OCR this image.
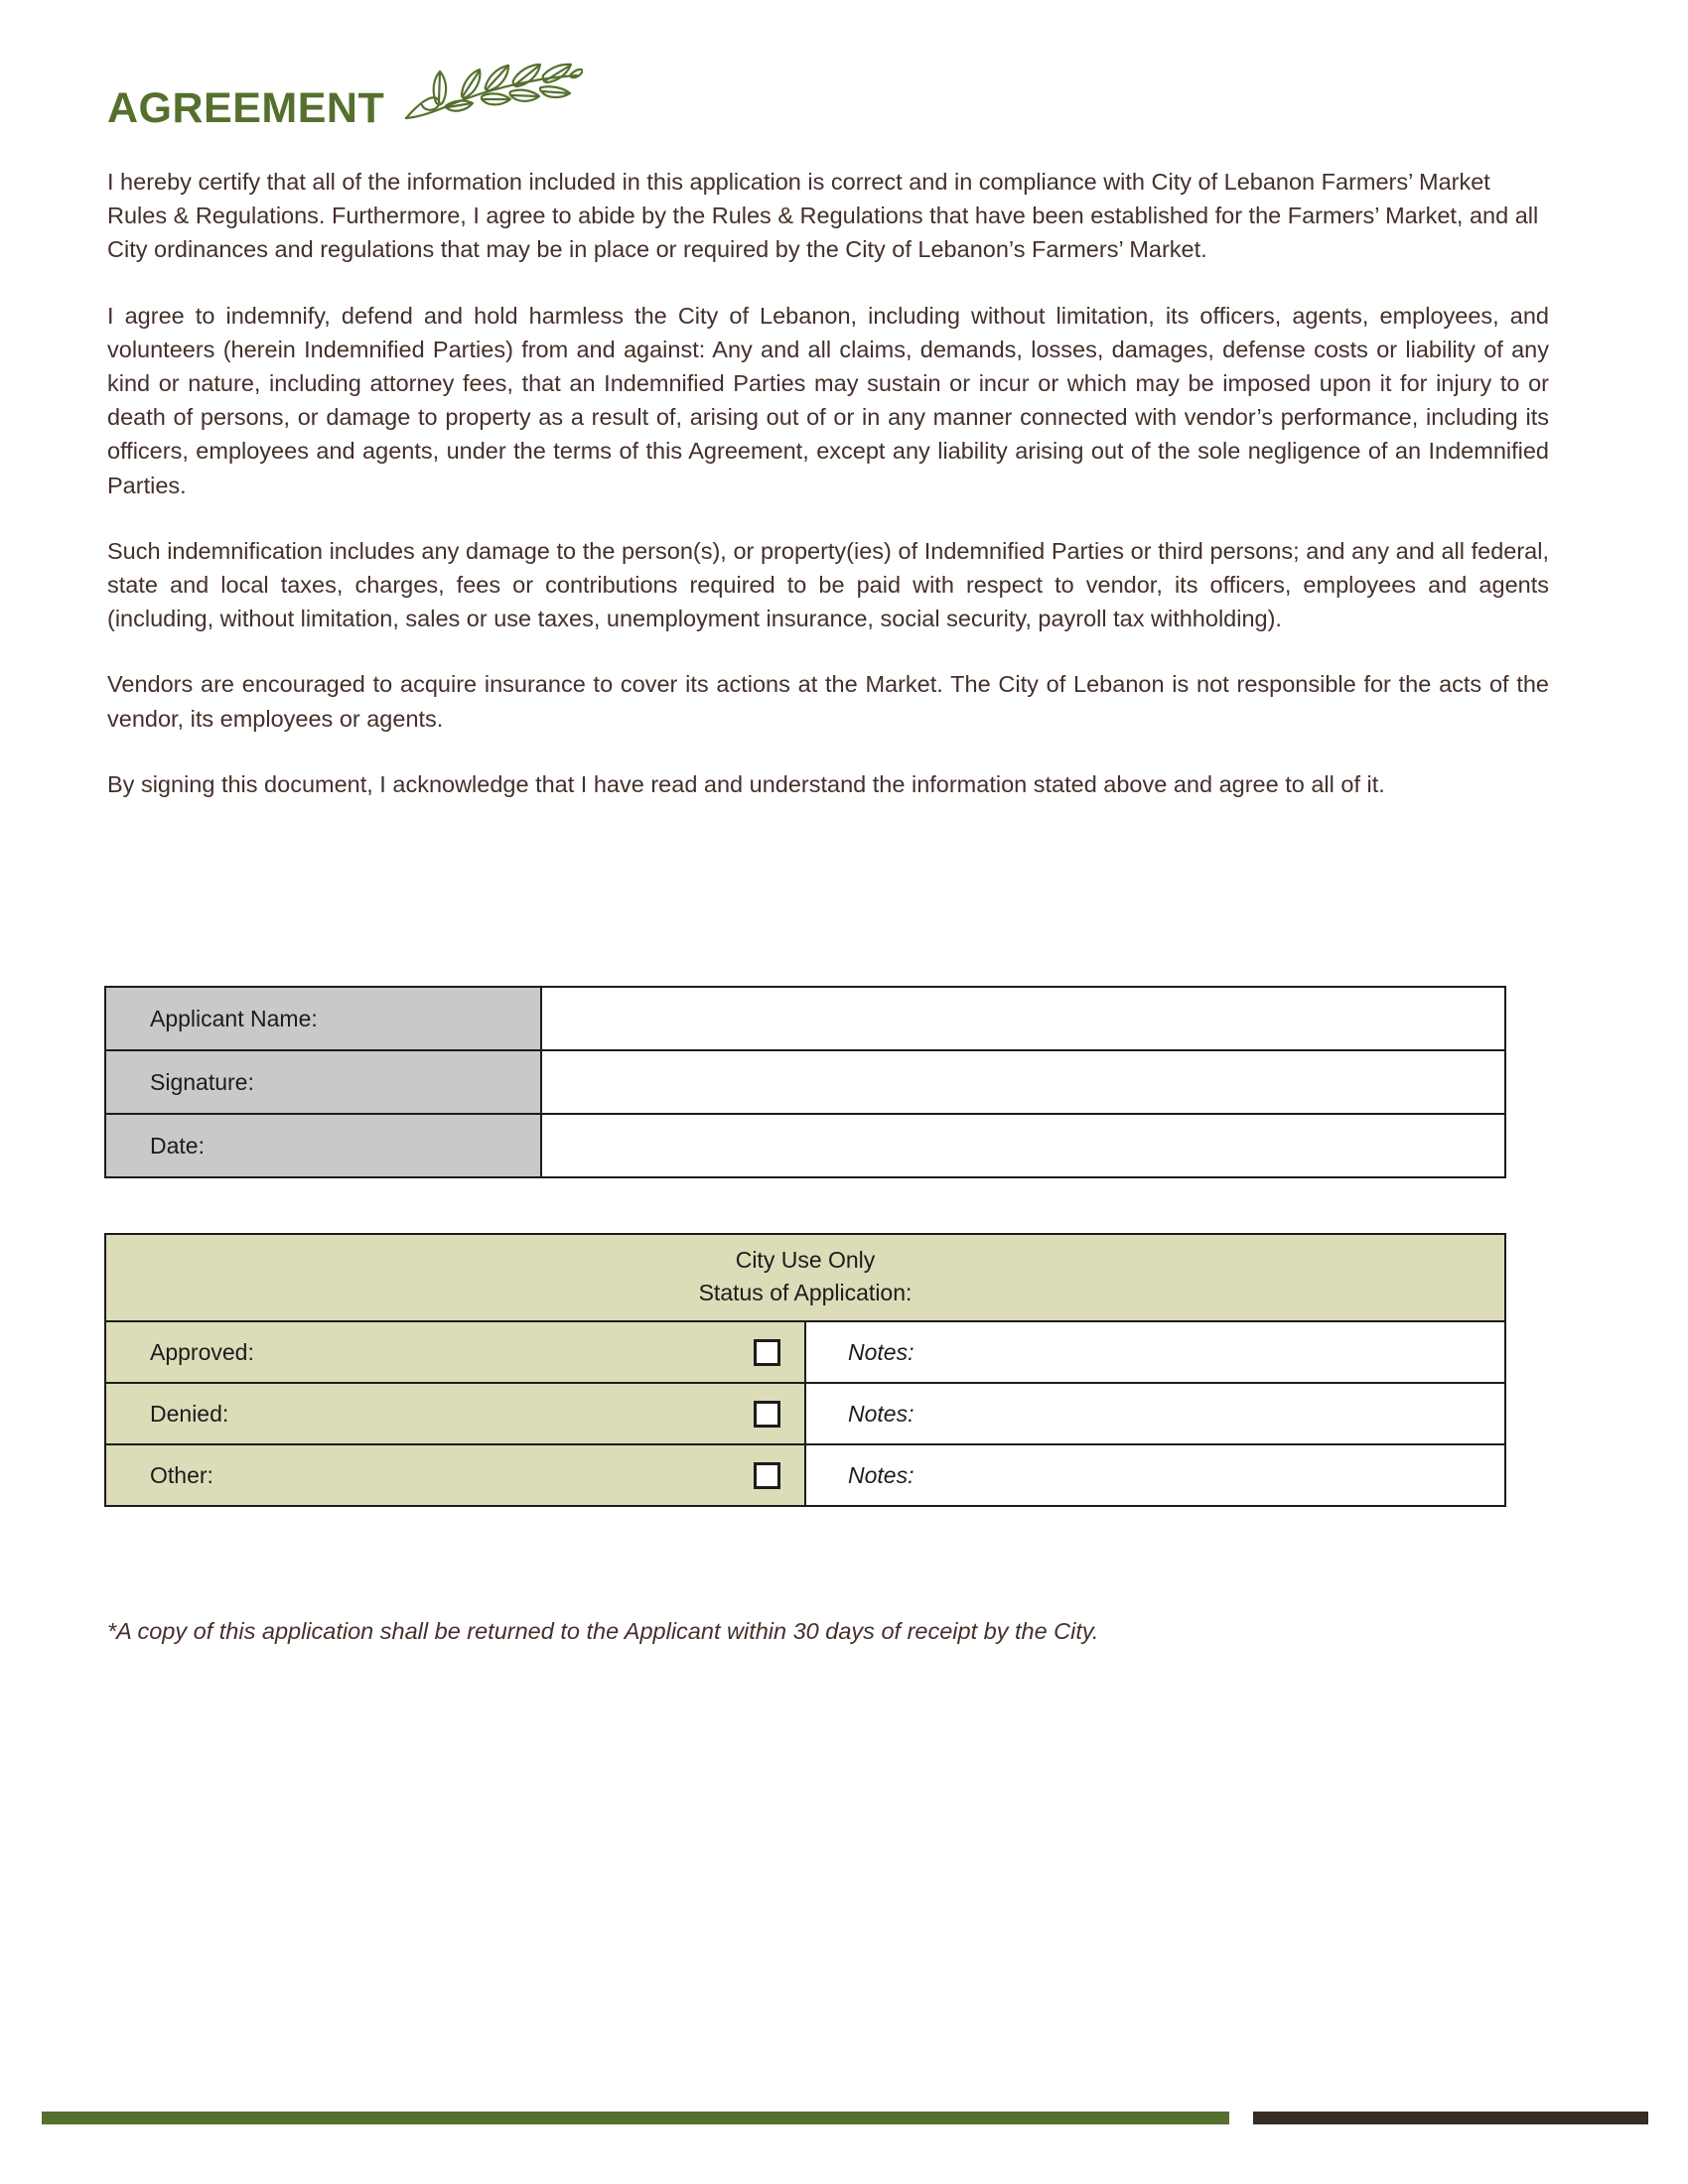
AGREEMENT

I hereby certify that all of the information included in this application is correct and in compliance with City of Lebanon Farmers’ Market Rules & Regulations. Furthermore, I agree to abide by the Rules & Regulations that have been established for the Farmers’ Market, and all City ordinances and regulations that may be in place or required by the City of Lebanon’s Farmers’ Market.

I agree to indemnify, defend and hold harmless the City of Lebanon, including without limitation, its officers, agents, employees, and volunteers (herein Indemnified Parties) from and against: Any and all claims, demands, losses, damages, defense costs or liability of any kind or nature, including attorney fees, that an Indemnified Parties may sustain or incur or which may be imposed upon it for injury to or death of persons, or damage to property as a result of, arising out of or in any manner connected with vendor’s performance, including its officers, employees and agents, under the terms of this Agreement, except any liability arising out of the sole negligence of an Indemnified Parties.

Such indemnification includes any damage to the person(s), or property(ies) of Indemnified Parties or third persons; and any and all federal, state and local taxes, charges, fees or contributions required to be paid with respect to vendor, its officers, employees and agents (including, without limitation, sales or use taxes, unemployment insurance, social security, payroll tax withholding).

Vendors are encouraged to acquire insurance to cover its actions at the Market. The City of Lebanon is not responsible for the acts of the vendor, its employees or agents.

By signing this document, I acknowledge that I have read and understand the information stated above and agree to all of it.

Applicant Name:	
Signature:	
Date:	
City Use Only
Status of Application:	

Approved:	Notes:

Denied:	Notes:

Other:	Notes:
*A copy of this application shall be returned to the Applicant within 30 days of receipt by the City.
